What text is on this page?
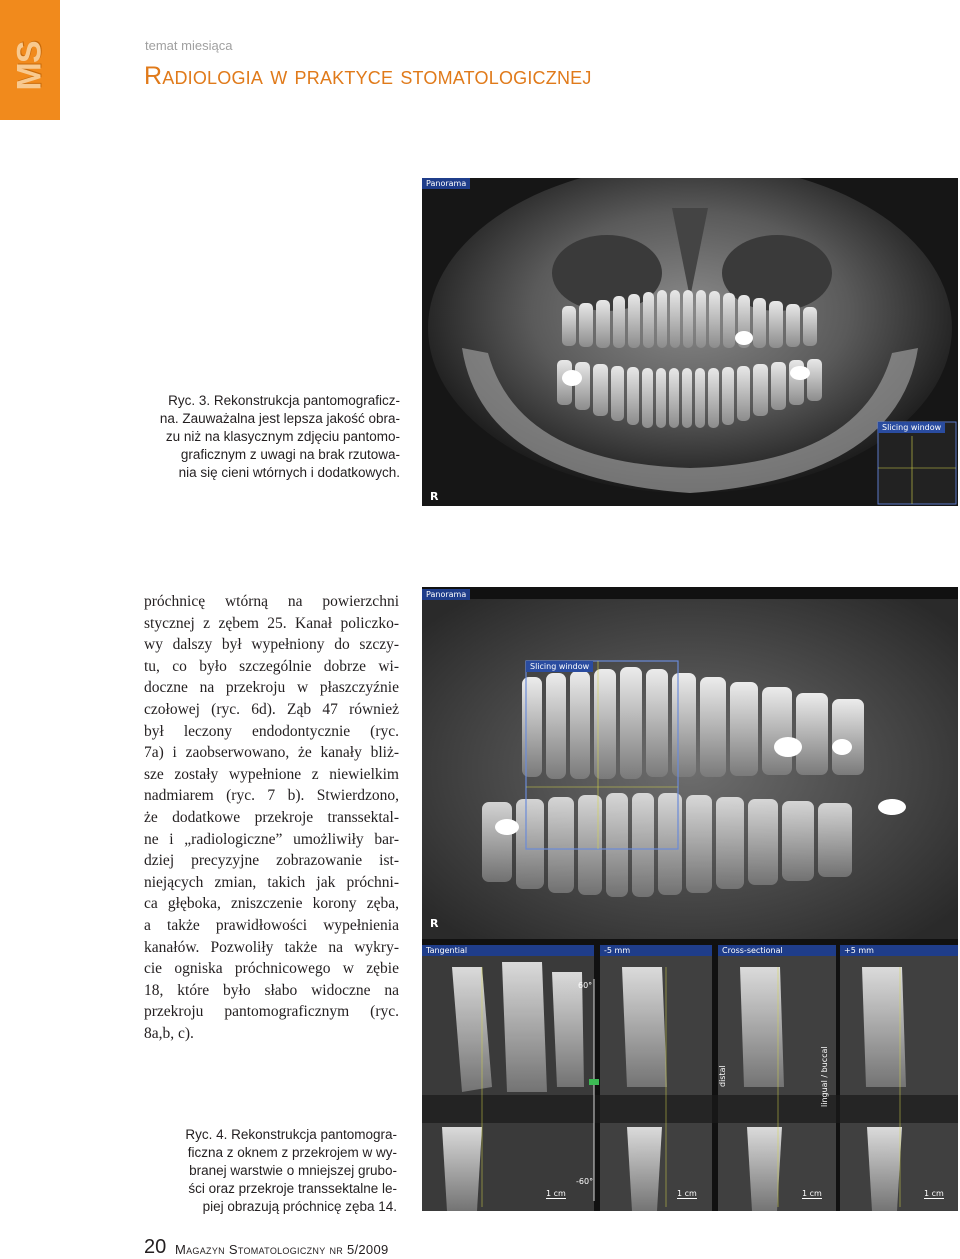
MS	temat miesiąca
Radiologia w praktyce stomatologicznej
Ryc. 3. Rekonstrukcja pantomograficz-
na. Zauważalna jest lepsza jakość obra-
zu niż na klasycznym zdjęciu pantomo-
graficznym z uwagi na brak rzutowa-
nia się cieni wtórnych i dodatkowych.
Panorama
Slicing window
R
próchnicę wtórną na powierzchni
stycznej z zębem 25. Kanał policzko-
wy dalszy był wypełniony do szczy-
tu, co było szczególnie dobrze wi-
doczne na przekroju w płaszczyźnie
czołowej (ryc. 6d). Ząb 47 również
był leczony endodontycznie (ryc.
7a) i zaobserwowano, że kanały bliż-
sze zostały wypełnione z niewielkim
nadmiarem (ryc. 7 b). Stwierdzono,
że dodatkowe przekroje transsektal-
ne i „radiologiczne” umożliwiły bar-
dziej precyzyjne zobrazowanie ist-
niejących zmian, takich jak próchni-
ca głęboka, zniszczenie korony zęba,
a także prawidłowości wypełnienia
kanałów. Pozwoliły także na wykry-
cie ogniska próchnicowego w zębie
18, które było słabo widoczne na
przekroju pantomograficznym (ryc.
8a,b, c).
Panorama
Slicing window
R
Tangential	-5 mm	Cross-sectional	+5 mm
60°
-60°
1 cm	1 cm	1 cm	1 cm
distal	lingual / buccal
Ryc. 4. Rekonstrukcja pantomogra-
ficzna z oknem z przekrojem w wy-
branej warstwie o mniejszej grubo-
ści oraz przekroje transsektalne le-
piej obrazują próchnicę zęba 14.
20 Magazyn Stomatologiczny nr 5/2009
